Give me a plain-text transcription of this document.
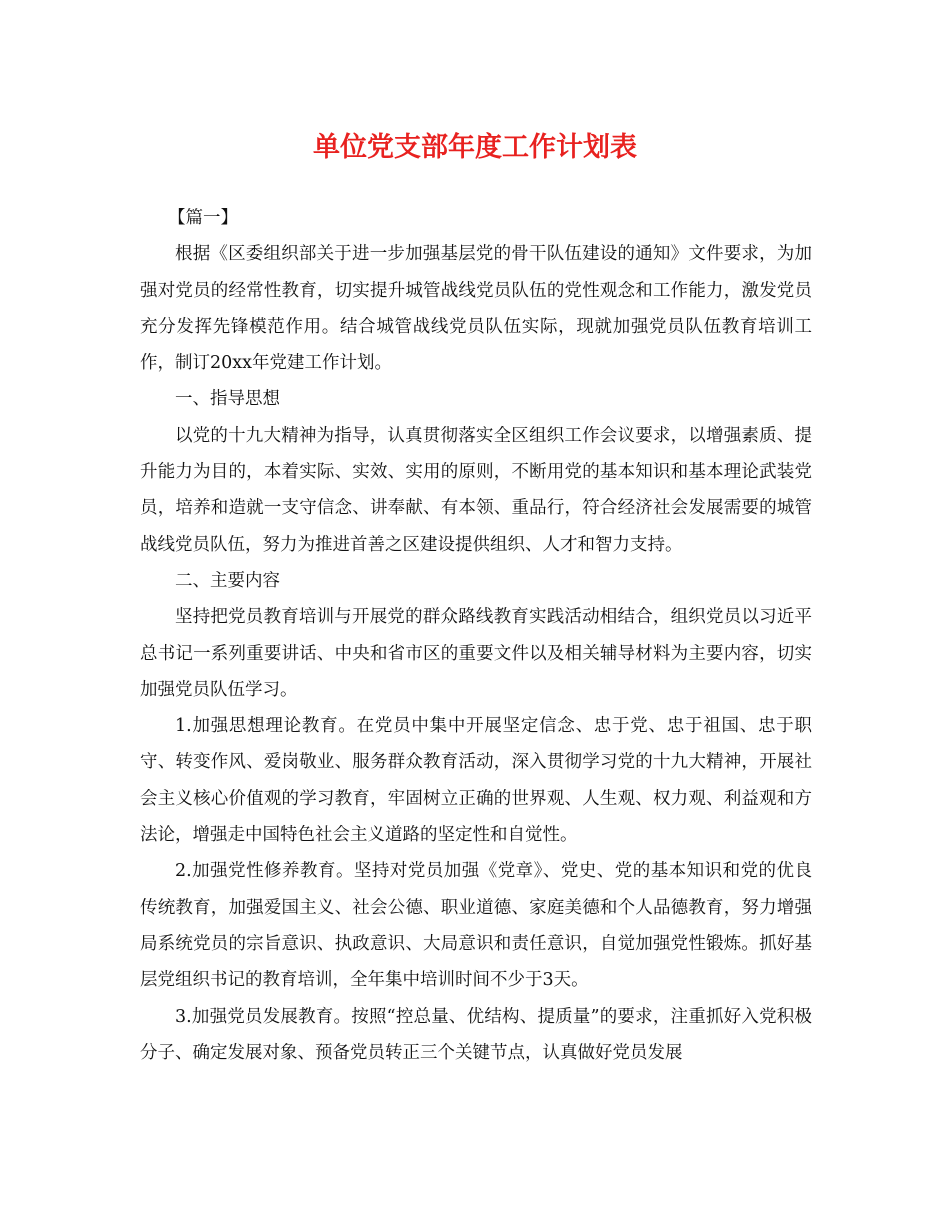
单位党支部年度工作计划表

【篇一】

根据《区委组织部关于进一步加强基层党的骨干队伍建设的通知》文件要求，为加强对党员的经常性教育，切实提升城管战线党员队伍的党性观念和工作能力，激发党员充分发挥先锋模范作用。结合城管战线党员队伍实际，现就加强党员队伍教育培训工作，制订20xx年党建工作计划。

一、指导思想

以党的十九大精神为指导，认真贯彻落实全区组织工作会议要求，以增强素质、提升能力为目的，本着实际、实效、实用的原则，不断用党的基本知识和基本理论武装党员，培养和造就一支守信念、讲奉献、有本领、重品行，符合经济社会发展需要的城管战线党员队伍，努力为推进首善之区建设提供组织、人才和智力支持。

二、主要内容

坚持把党员教育培训与开展党的群众路线教育实践活动相结合，组织党员以习近平总书记一系列重要讲话、中央和省市区的重要文件以及相关辅导材料为主要内容，切实加强党员队伍学习。

1.加强思想理论教育。在党员中集中开展坚定信念、忠于党、忠于祖国、忠于职守、转变作风、爱岗敬业、服务群众教育活动，深入贯彻学习党的十九大精神，开展社会主义核心价值观的学习教育，牢固树立正确的世界观、人生观、权力观、利益观和方法论，增强走中国特色社会主义道路的坚定性和自觉性。

2.加强党性修养教育。坚持对党员加强《党章》、党史、党的基本知识和党的优良传统教育，加强爱国主义、社会公德、职业道德、家庭美德和个人品德教育，努力增强局系统党员的宗旨意识、执政意识、大局意识和责任意识，自觉加强党性锻炼。抓好基层党组织书记的教育培训，全年集中培训时间不少于3天。

3.加强党员发展教育。按照“控总量、优结构、提质量”的要求，注重抓好入党积极分子、确定发展对象、预备党员转正三个关键节点，认真做好党员发展
